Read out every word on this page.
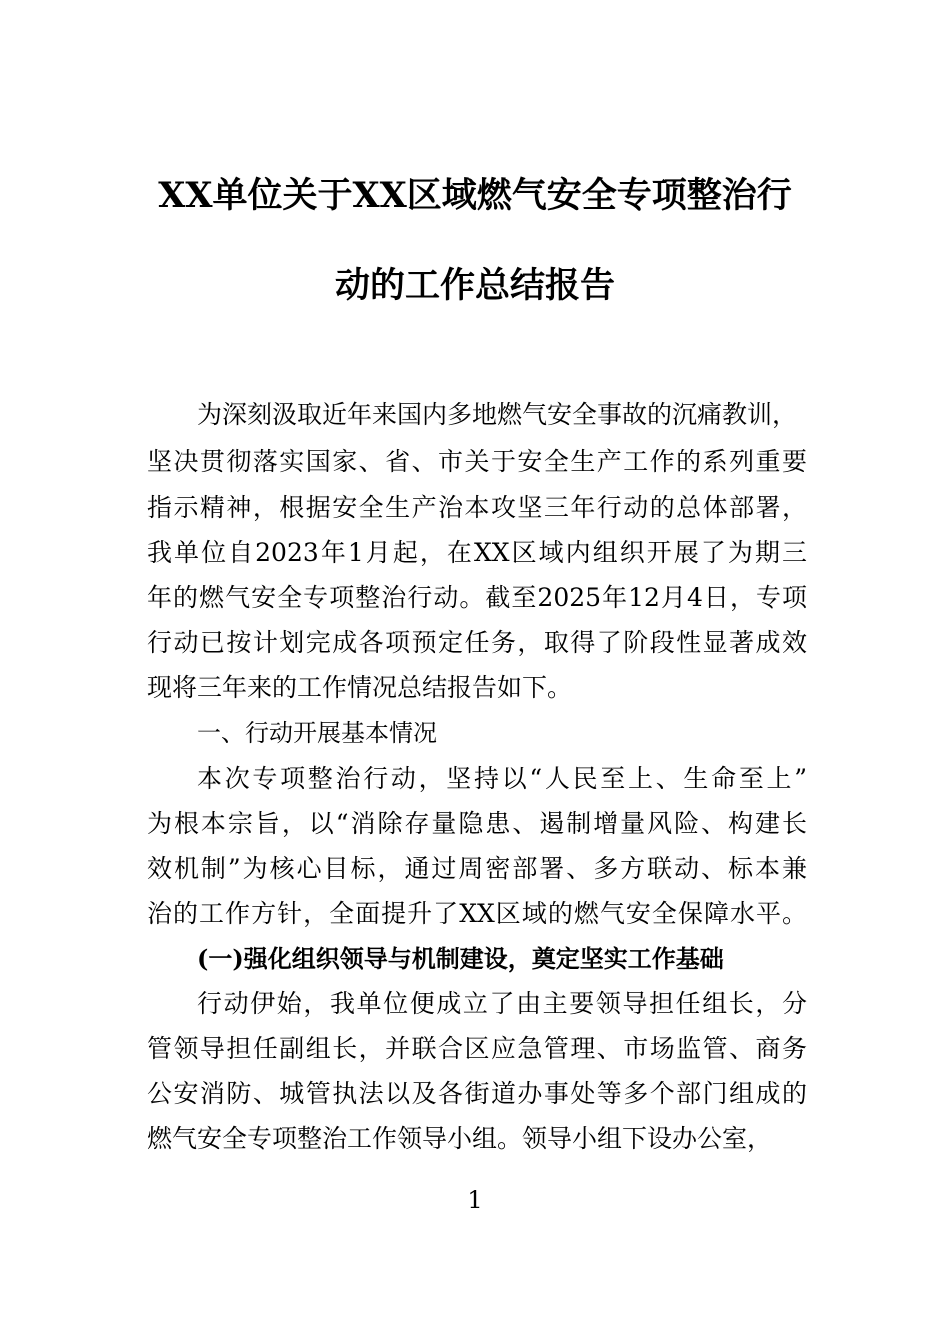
XX单位关于XX区域燃气安全专项整治行
动的工作总结报告
为深刻汲取近年来国内多地燃气安全事故的沉痛教训，
坚决贯彻落实国家、省、市关于安全生产工作的系列重要
指示精神，根据安全生产治本攻坚三年行动的总体部署，
我单位自2023年1月起，在XX区域内组织开展了为期三
年的燃气安全专项整治行动。截至2025年12月4日，专项
行动已按计划完成各项预定任务，取得了阶段性显著成效
现将三年来的工作情况总结报告如下。
一、行动开展基本情况
本次专项整治行动，坚持以“人民至上、生命至上”
为根本宗旨，以“消除存量隐患、遏制增量风险、构建长
效机制”为核心目标，通过周密部署、多方联动、标本兼
治的工作方针，全面提升了XX区域的燃气安全保障水平。
(一)强化组织领导与机制建设，奠定坚实工作基础
行动伊始，我单位便成立了由主要领导担任组长，分
管领导担任副组长，并联合区应急管理、市场监管、商务
公安消防、城管执法以及各街道办事处等多个部门组成的
燃气安全专项整治工作领导小组。领导小组下设办公室，
1
